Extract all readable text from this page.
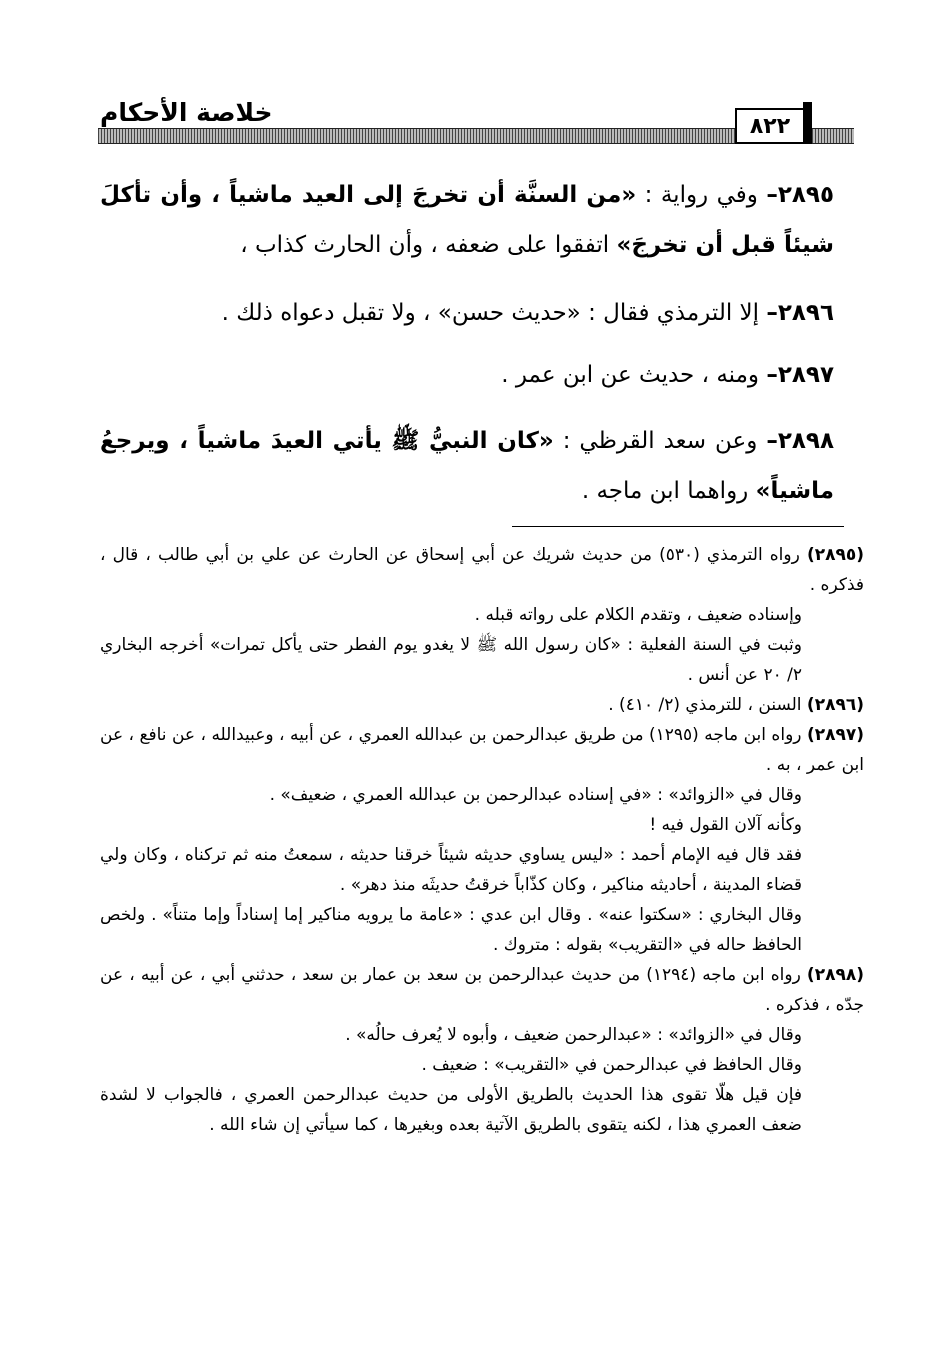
خلاصة الأحكام	٨٢٢

٢٨٩٥– وفي رواية : «من السنَّة أن تخرجَ إلى العيد ماشياً ، وأن تأكلَ شيئاً قبل أن تخرجَ» اتفقوا على ضعفه ، وأن الحارث كذاب ،

٢٨٩٦– إلا الترمذي فقال : «حديث حسن» ، ولا تقبل دعواه ذلك .

٢٨٩٧– ومنه ، حديث عن ابن عمر .

٢٨٩٨– وعن سعد القرظي : «كان النبيُّ ﷺ يأتي العيدَ ماشياً ، ويرجعُ ماشياً» رواهما ابن ماجه .

(٢٨٩٥) رواه الترمذي (٥٣٠) من حديث شريك عن أبي إسحاق عن الحارث عن علي بن أبي طالب ، قال ، فذكره .

وإسناده ضعيف ، وتقدم الكلام على رواته قبله .

وثبت في السنة الفعلية : «كان رسول الله ﷺ لا يغدو يوم الفطر حتى يأكل تمرات» أخرجه البخاري ٢/ ٢٠ عن أنس .

(٢٨٩٦) السنن ، للترمذي (٢/ ٤١٠) .

(٢٨٩٧) رواه ابن ماجه (١٢٩٥) من طريق عبدالرحمن بن عبدالله العمري ، عن أبيه ، وعبيدالله ، عن نافع ، عن ابن عمر ، به .

وقال في «الزوائد» : «في إسناده عبدالرحمن بن عبدالله العمري ، ضعيف» .

وكأنه آلان القول فيه !

فقد قال فيه الإمام أحمد : «ليس يساوي حديثه شيئاً خرقنا حديثه ، سمعتُ منه ثم تركناه ، وكان ولي قضاء المدينة ، أحاديثه مناكير ، وكان كذّاباً خرقتُ حديثَه منذ دهر» .

وقال البخاري : «سكتوا عنه» . وقال ابن عدي : «عامة ما يرويه مناكير إما إسناداً وإما متناً» . ولخص الحافظ حاله في «التقريب» بقوله : متروك .

(٢٨٩٨) رواه ابن ماجه (١٢٩٤) من حديث عبدالرحمن بن سعد بن عمار بن سعد ، حدثني أبي ، عن أبيه ، عن جدّه ، فذكره .

وقال في «الزوائد» : «عبدالرحمن ضعيف ، وأبوه لا يُعرف حالُه» .

وقال الحافظ في عبدالرحمن في «التقريب» : ضعيف .

فإن قيل هلّا تقوى هذا الحديث بالطريق الأولى من حديث عبدالرحمن العمري ، فالجواب لا لشدة ضعف العمري هذا ، لكنه يتقوى بالطريق الآتية بعده وبغيرها ، كما سيأتي إن شاء الله .
